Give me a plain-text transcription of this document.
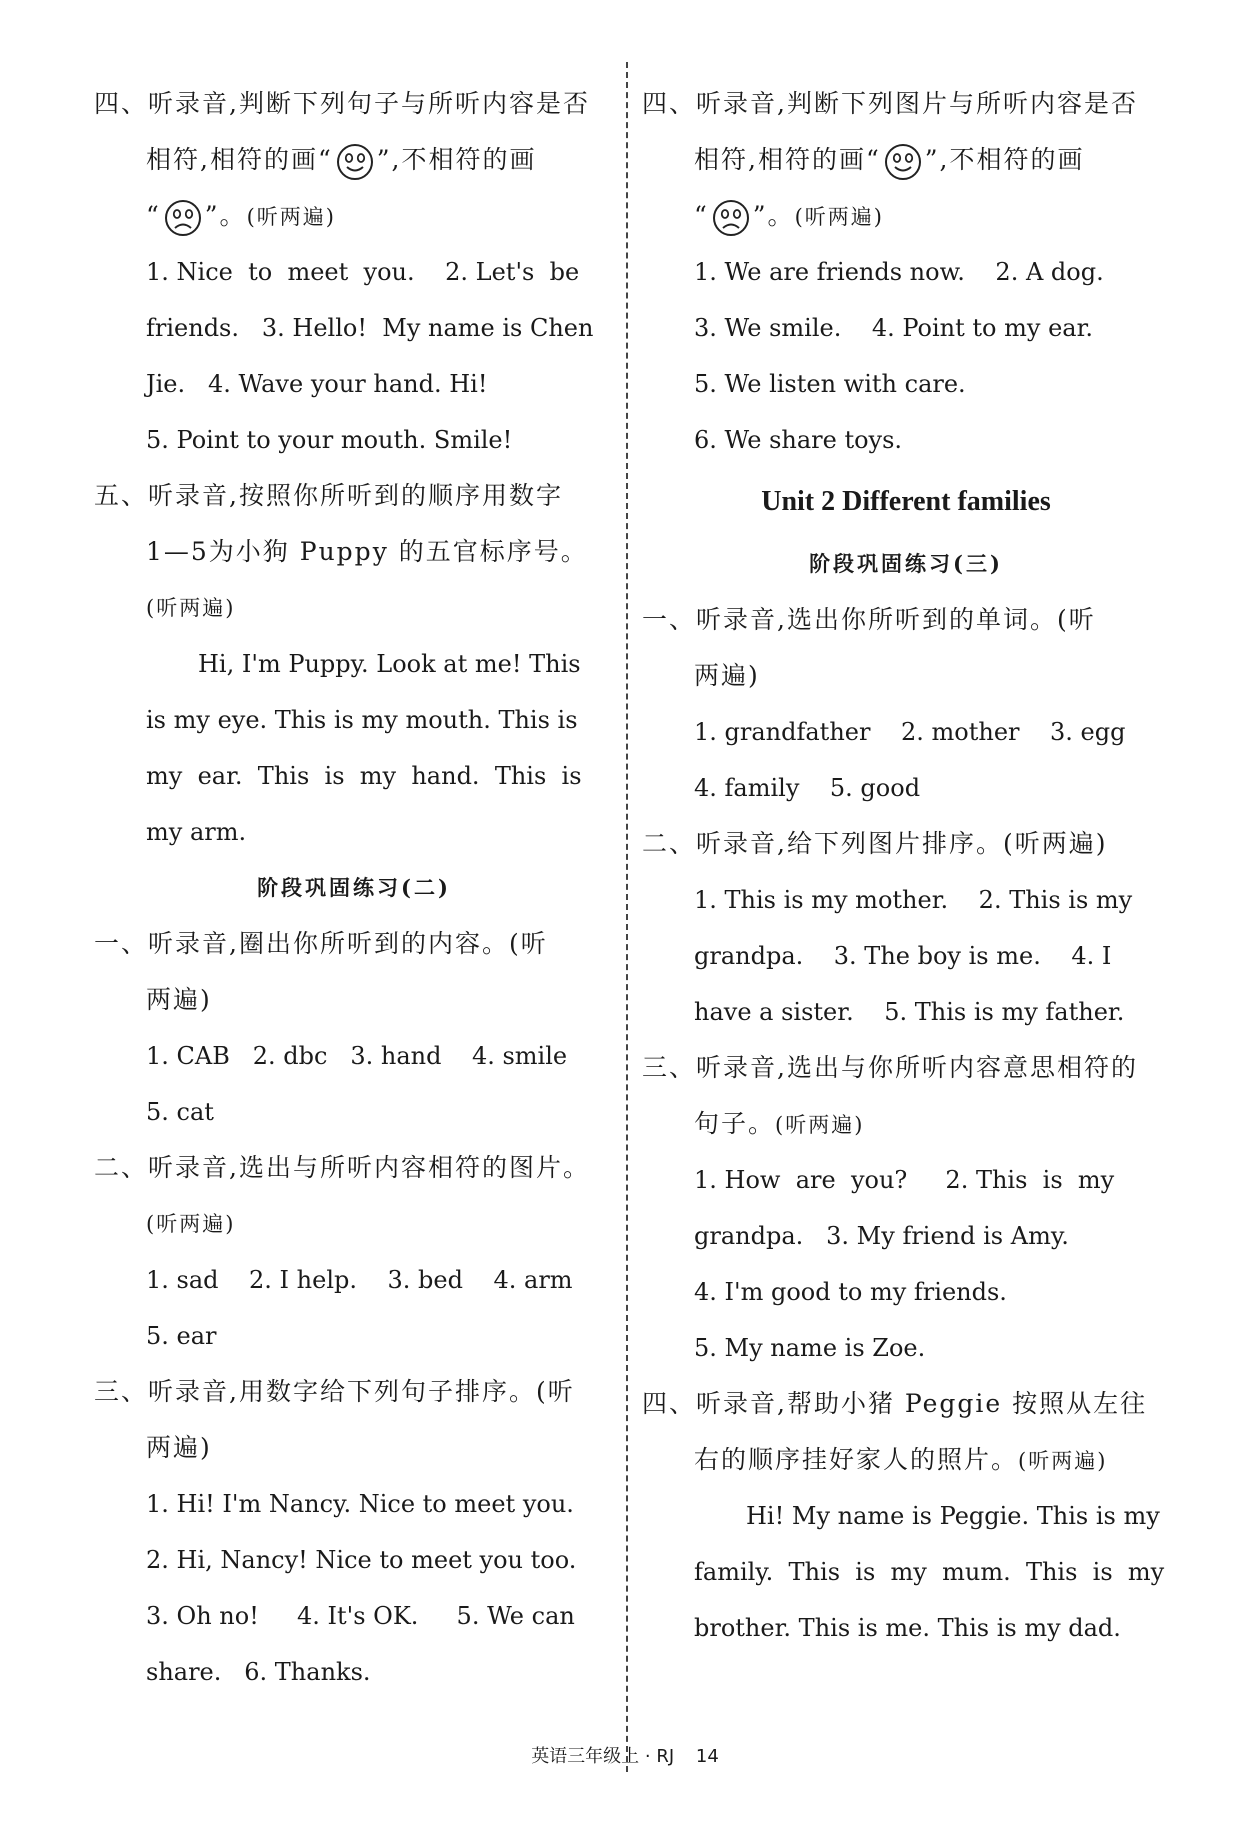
四、听录音,判断下列句子与所听内容是否
相符,相符的画“ ”,不相符的画
“ ”。(听两遍)
1. Nice  to  meet  you.    2. Let's  be
friends.   3. Hello!  My name is Chen
Jie.   4. Wave your hand. Hi!
5. Point to your mouth. Smile!
五、听录音,按照你所听到的顺序用数字
1—5为小狗 Puppy 的五官标序号。
(听两遍)
Hi, I'm Puppy. Look at me! This
is my eye. This is my mouth. This is
my  ear.  This  is  my  hand.  This  is
my arm.
阶段巩固练习(二)
一、听录音,圈出你所听到的内容。(听
两遍)
1. CAB   2. dbc   3. hand    4. smile
5. cat
二、听录音,选出与所听内容相符的图片。
(听两遍)
1. sad    2. I help.    3. bed    4. arm
5. ear
三、听录音,用数字给下列句子排序。(听
两遍)
1. Hi! I'm Nancy. Nice to meet you.
2. Hi, Nancy! Nice to meet you too.
3. Oh no!     4. It's OK.     5. We can
share.   6. Thanks.
四、听录音,判断下列图片与所听内容是否
相符,相符的画“ ”,不相符的画
“ ”。(听两遍)
1. We are friends now.    2. A dog.
3. We smile.    4. Point to my ear.
5. We listen with care.
6. We share toys.
Unit 2 Different families
阶段巩固练习(三)
一、听录音,选出你所听到的单词。(听
两遍)
1. grandfather    2. mother    3. egg
4. family    5. good
二、听录音,给下列图片排序。(听两遍)
1. This is my mother.    2. This is my
grandpa.    3. The boy is me.    4. I
have a sister.    5. This is my father.
三、听录音,选出与你所听内容意思相符的
句子。(听两遍)
1. How  are  you?     2. This  is  my
grandpa.   3. My friend is Amy.
4. I'm good to my friends.
5. My name is Zoe.
四、听录音,帮助小猪 Peggie 按照从左往
右的顺序挂好家人的照片。(听两遍)
Hi! My name is Peggie. This is my
family.  This  is  my  mum.  This  is  my
brother. This is me. This is my dad.
英语三年级上 · RJ 14
